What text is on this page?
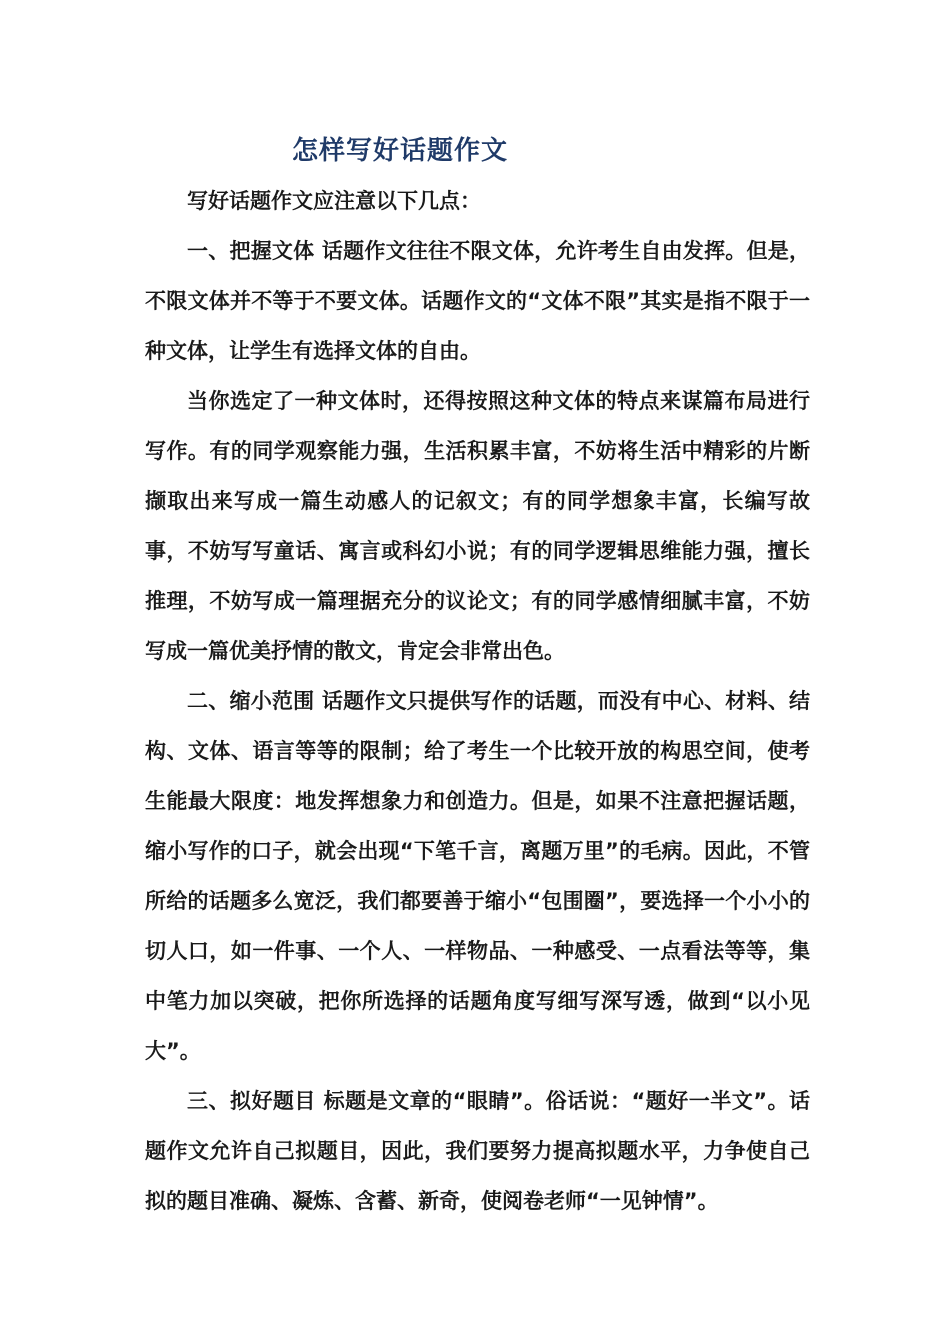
怎样写好话题作文

写好话题作文应注意以下几点：

一、把握文体 话题作文往往不限文体，允许考生自由发挥。但是，不限文体并不等于不要文体。话题作文的“文体不限”其实是指不限于一种文体，让学生有选择文体的自由。

当你选定了一种文体时，还得按照这种文体的特点来谋篇布局进行写作。有的同学观察能力强，生活积累丰富，不妨将生活中精彩的片断撷取出来写成一篇生动感人的记叙文；有的同学想象丰富，长编写故事，不妨写写童话、寓言或科幻小说；有的同学逻辑思维能力强，擅长推理，不妨写成一篇理据充分的议论文；有的同学感情细腻丰富，不妨写成一篇优美抒情的散文，肯定会非常出色。

二、缩小范围 话题作文只提供写作的话题，而没有中心、材料、结构、文体、语言等等的限制；给了考生一个比较开放的构思空间，使考生能最大限度：地发挥想象力和创造力。但是，如果不注意把握话题，缩小写作的口子，就会出现“下笔千言，离题万里”的毛病。因此，不管所给的话题多么宽泛，我们都要善于缩小“包围圈”，要选择一个小小的切人口，如一件事、一个人、一样物品、一种感受、一点看法等等，集中笔力加以突破，把你所选择的话题角度写细写深写透，做到“以小见大”。

三、拟好题目 标题是文章的“眼睛”。俗话说：“题好一半文”。话题作文允许自己拟题目，因此，我们要努力提高拟题水平，力争使自己拟的题目准确、凝炼、含蓄、新奇，使阅卷老师“一见钟情”。
